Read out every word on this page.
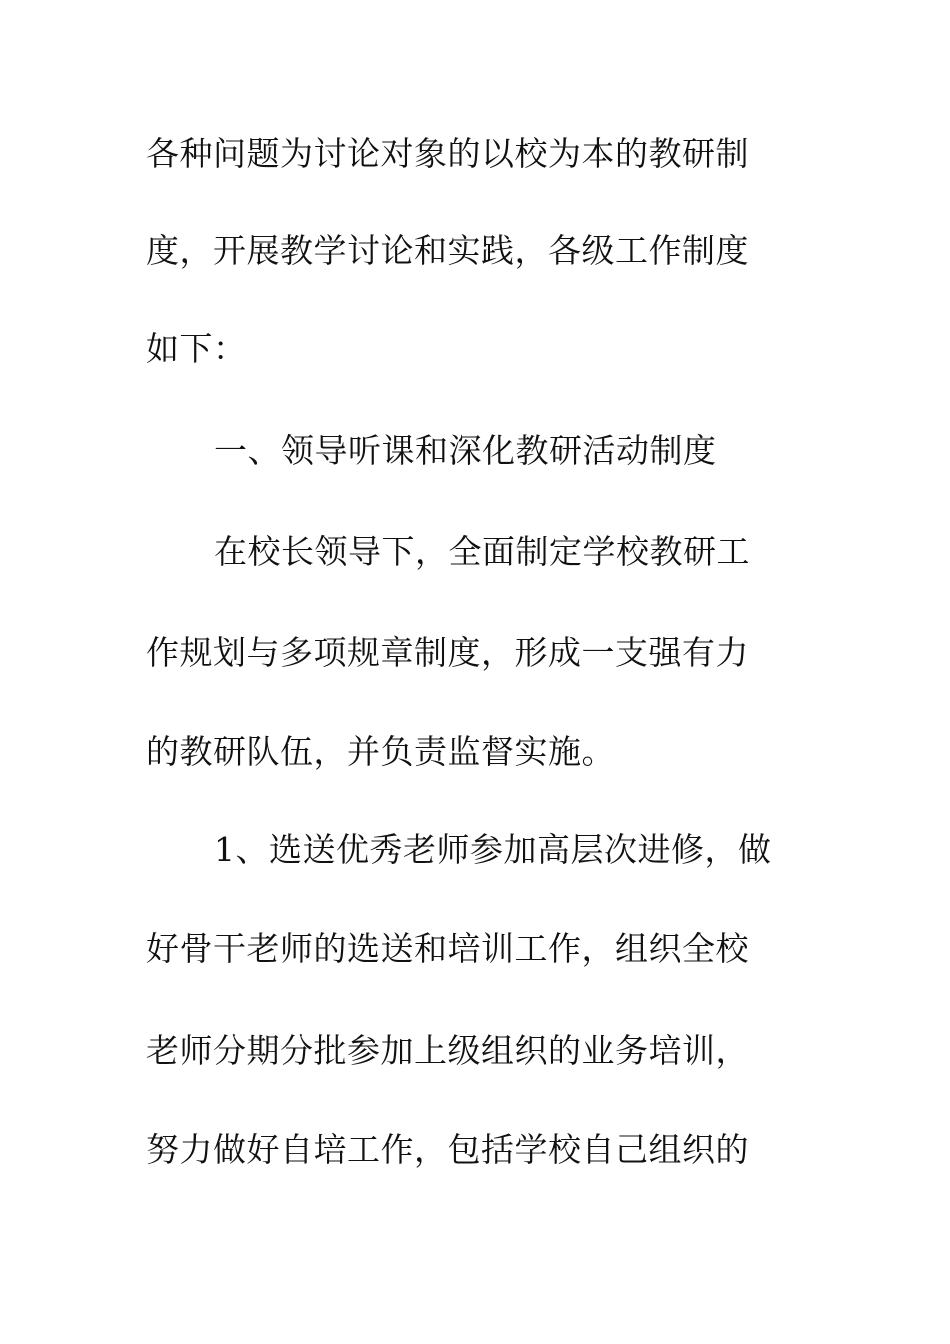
各种问题为讨论对象的以校为本的教研制
度，开展教学讨论和实践，各级工作制度
如下：
一、领导听课和深化教研活动制度
在校长领导下，全面制定学校教研工
作规划与多项规章制度，形成一支强有力
的教研队伍，并负责监督实施。
1、选送优秀老师参加高层次进修，做
好骨干老师的选送和培训工作，组织全校
老师分期分批参加上级组织的业务培训，
努力做好自培工作，包括学校自己组织的
